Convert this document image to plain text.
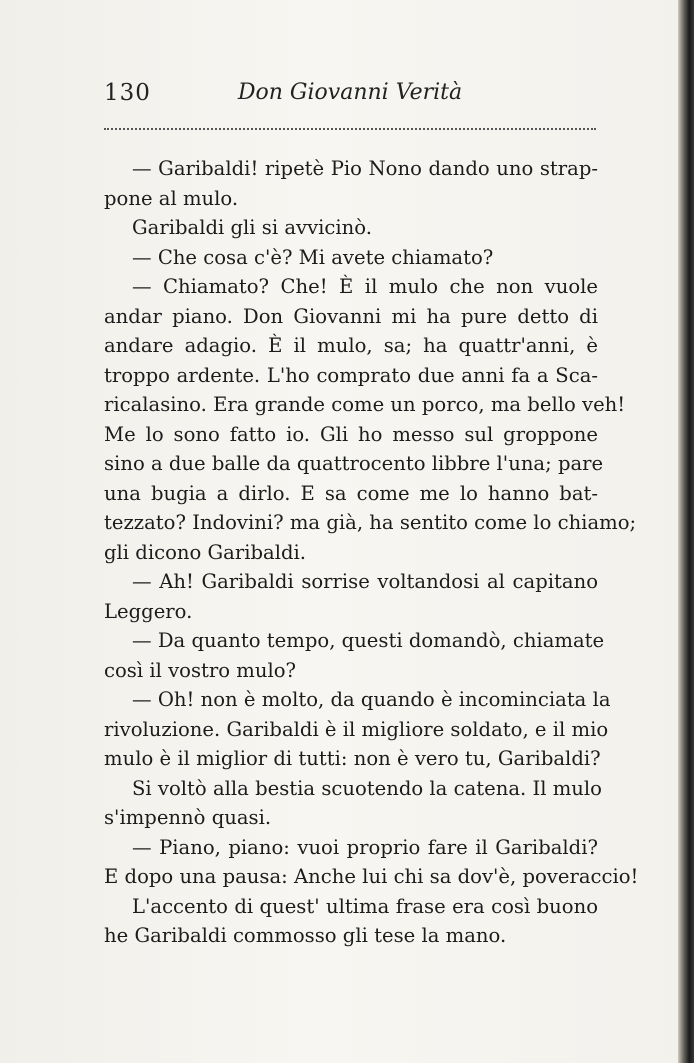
130	Don Giovanni Verità
— Garibaldi! ripetè Pio Nono dando uno strap-
pone al mulo.
Garibaldi gli si avvicinò.
— Che cosa c'è? Mi avete chiamato?
— Chiamato? Che! È il mulo che non vuole
andar piano. Don Giovanni mi ha pure detto di
andare adagio. È il mulo, sa; ha quattr'anni, è
troppo ardente. L'ho comprato due anni fa a Sca-
ricalasino. Era grande come un porco, ma bello veh!
Me lo sono fatto io. Gli ho messo sul groppone
sino a due balle da quattrocento libbre l'una; pare
una bugia a dirlo. E sa come me lo hanno bat-
tezzato? Indovini? ma già, ha sentito come lo chiamo;
gli dicono Garibaldi.
— Ah! Garibaldi sorrise voltandosi al capitano
Leggero.
— Da quanto tempo, questi domandò, chiamate
così il vostro mulo?
— Oh! non è molto, da quando è incominciata la
rivoluzione. Garibaldi è il migliore soldato, e il mio
mulo è il miglior di tutti: non è vero tu, Garibaldi?
Si voltò alla bestia scuotendo la catena. Il mulo
s'impennò quasi.
— Piano, piano: vuoi proprio fare il Garibaldi?
E dopo una pausa: Anche lui chi sa dov'è, poveraccio!
L'accento di quest' ultima frase era così buono
he Garibaldi commosso gli tese la mano.
